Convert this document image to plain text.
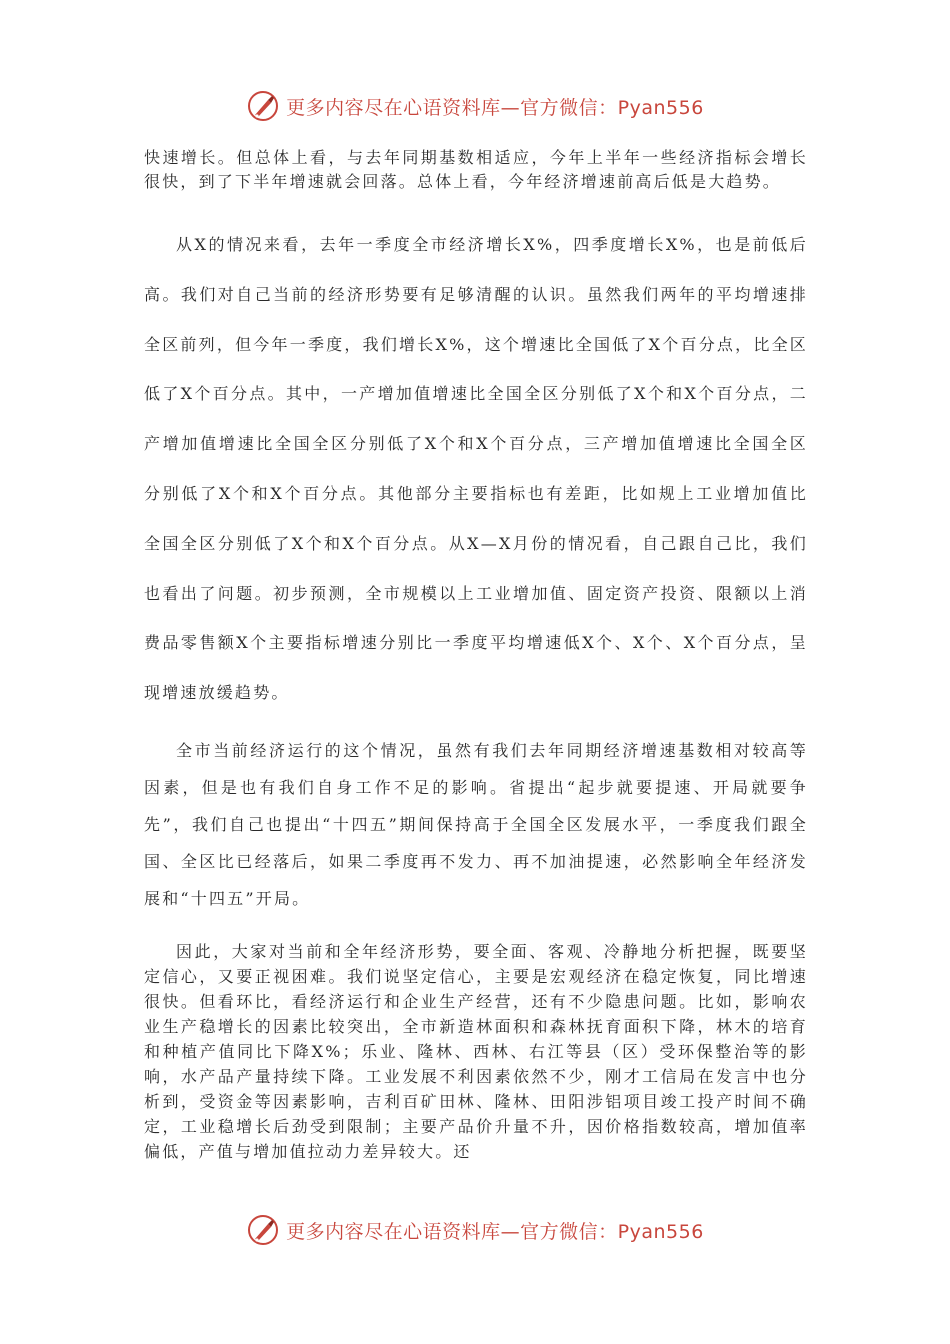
更多内容尽在心语资料库—官方微信：Pyan556

快速增长。但总体上看，与去年同期基数相适应，今年上半年一些经济指标会增长很快，到了下半年增速就会回落。总体上看，今年经济增速前高后低是大趋势。

从X的情况来看，去年一季度全市经济增长X%，四季度增长X%，也是前低后高。我们对自己当前的经济形势要有足够清醒的认识。虽然我们两年的平均增速排全区前列，但今年一季度，我们增长X%，这个增速比全国低了X个百分点，比全区低了X个百分点。其中，一产增加值增速比全国全区分别低了X个和X个百分点，二产增加值增速比全国全区分别低了X个和X个百分点，三产增加值增速比全国全区分别低了X个和X个百分点。其他部分主要指标也有差距，比如规上工业增加值比全国全区分别低了X个和X个百分点。从X—X月份的情况看，自己跟自己比，我们也看出了问题。初步预测，全市规模以上工业增加值、固定资产投资、限额以上消费品零售额X个主要指标增速分别比一季度平均增速低X个、X个、X个百分点，呈现增速放缓趋势。

全市当前经济运行的这个情况，虽然有我们去年同期经济增速基数相对较高等因素，但是也有我们自身工作不足的影响。省提出“起步就要提速、开局就要争先”，我们自己也提出“十四五”期间保持高于全国全区发展水平，一季度我们跟全国、全区比已经落后，如果二季度再不发力、再不加油提速，必然影响全年经济发展和“十四五”开局。

因此，大家对当前和全年经济形势，要全面、客观、冷静地分析把握，既要坚定信心，又要正视困难。我们说坚定信心，主要是宏观经济在稳定恢复，同比增速很快。但看环比，看经济运行和企业生产经营，还有不少隐患问题。比如，影响农业生产稳增长的因素比较突出，全市新造林面积和森林抚育面积下降，林木的培育和种植产值同比下降X%；乐业、隆林、西林、右江等县（区）受环保整治等的影响，水产品产量持续下降。工业发展不利因素依然不少，刚才工信局在发言中也分析到，受资金等因素影响，吉利百矿田林、隆林、田阳涉铝项目竣工投产时间不确定，工业稳增长后劲受到限制；主要产品价升量不升，因价格指数较高，增加值率偏低，产值与增加值拉动力差异较大。还

更多内容尽在心语资料库—官方微信：Pyan556
